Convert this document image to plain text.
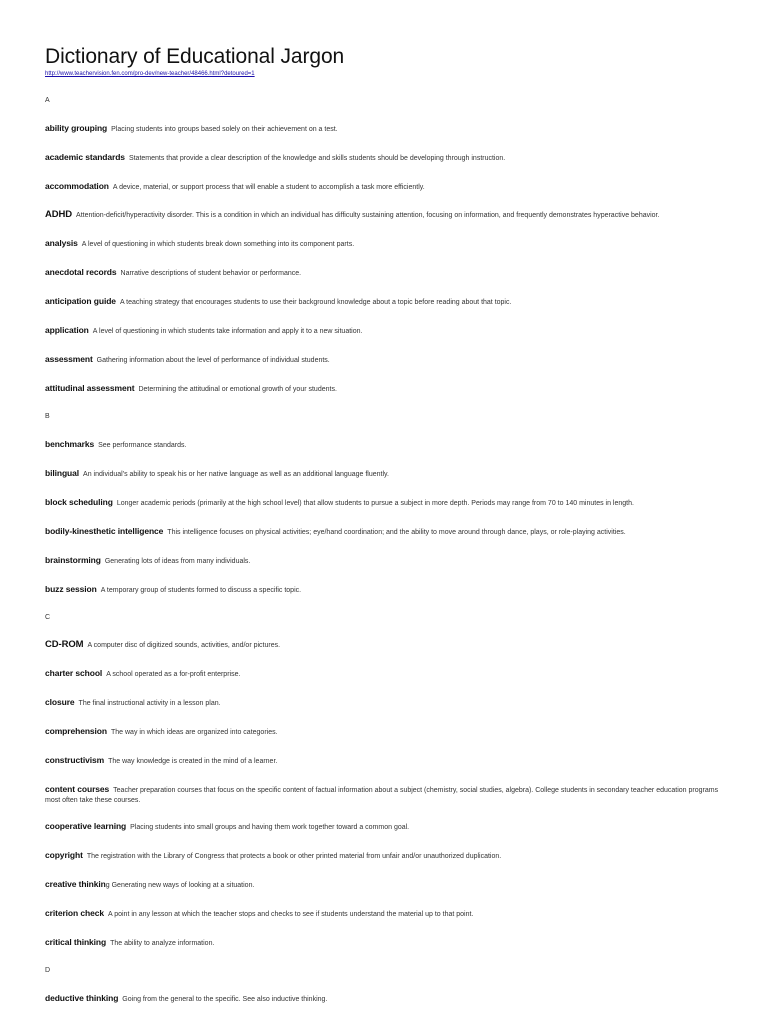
Dictionary of Educational Jargon
http://www.teachervision.fen.com/pro-dev/new-teacher/48466.html?detoured=1
A
ability grouping Placing students into groups based solely on their achievement on a test.
academic standards Statements that provide a clear description of the knowledge and skills students should be developing through instruction.
accommodation A device, material, or support process that will enable a student to accomplish a task more efficiently.
ADHD Attention-deficit/hyperactivity disorder. This is a condition in which an individual has difficulty sustaining attention, focusing on information, and frequently demonstrates hyperactive behavior.
analysis A level of questioning in which students break down something into its component parts.
anecdotal records Narrative descriptions of student behavior or performance.
anticipation guide A teaching strategy that encourages students to use their background knowledge about a topic before reading about that topic.
application A level of questioning in which students take information and apply it to a new situation.
assessment Gathering information about the level of performance of individual students.
attitudinal assessment Determining the attitudinal or emotional growth of your students.
B
benchmarks See performance standards.
bilingual An individual's ability to speak his or her native language as well as an additional language fluently.
block scheduling Longer academic periods (primarily at the high school level) that allow students to pursue a subject in more depth. Periods may range from 70 to 140 minutes in length.
bodily-kinesthetic intelligence This intelligence focuses on physical activities; eye/hand coordination; and the ability to move around through dance, plays, or role-playing activities.
brainstorming Generating lots of ideas from many individuals.
buzz session A temporary group of students formed to discuss a specific topic.
C
CD-ROM A computer disc of digitized sounds, activities, and/or pictures.
charter school A school operated as a for-profit enterprise.
closure The final instructional activity in a lesson plan.
comprehension The way in which ideas are organized into categories.
constructivism The way knowledge is created in the mind of a learner.
content courses Teacher preparation courses that focus on the specific content of factual information about a subject (chemistry, social studies, algebra). College students in secondary teacher education programs most often take these courses.
cooperative learning Placing students into small groups and having them work together toward a common goal.
copyright The registration with the Library of Congress that protects a book or other printed material from unfair and/or unauthorized duplication.
creative thinking Generating new ways of looking at a situation.
criterion check A point in any lesson at which the teacher stops and checks to see if students understand the material up to that point.
critical thinking The ability to analyze information.
D
deductive thinking Going from the general to the specific. See also inductive thinking.
